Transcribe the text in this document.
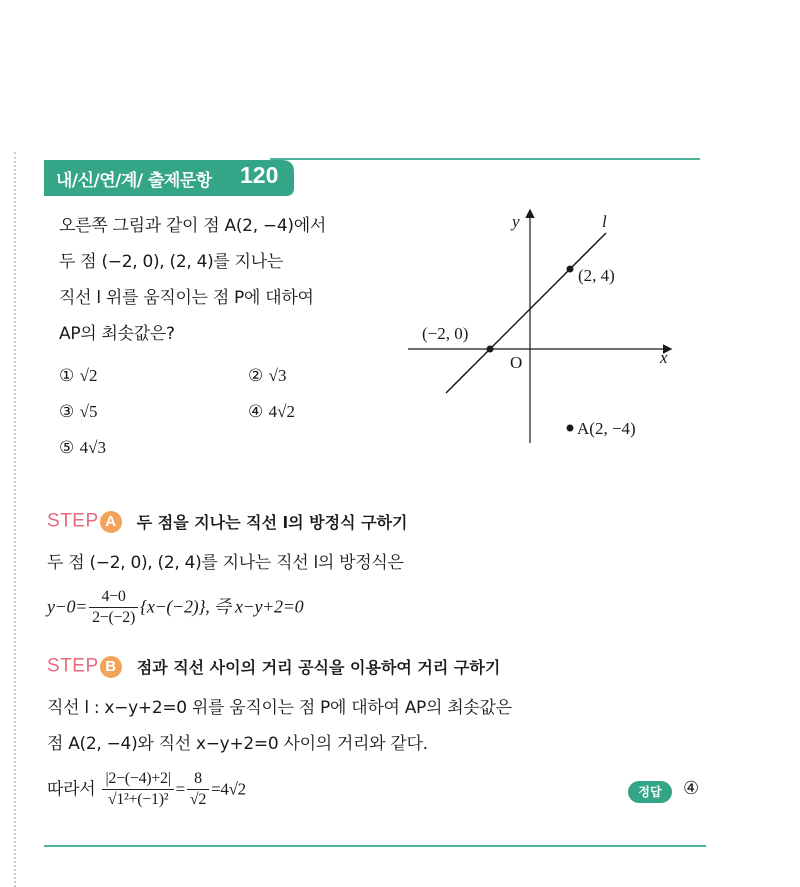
내/신/연/계/ 출제문항 120
오른쪽 그림과 같이 점 A(2, −4)에서
두 점 (−2, 0), (2, 4)를 지나는
직선 l 위를 움직이는 점 P에 대하여
AP의 최솟값은?
① √2	② √3
③ √5	④ 4√2
⑤ 4√3
y
x
l
O
(2, 4)
(−2, 0)
A(2, −4)
STEP A 두 점을 지나는 직선 l의 방정식 구하기
두 점 (−2, 0), (2, 4)를 지나는 직선 l의 방정식은
$y-0= \frac{4-0}{2-(-2)} \{x-(-2)\}$, 즉 x−y+2=0
STEP B 점과 직선 사이의 거리 공식을 이용하여 거리 구하기
직선 l : x−y+2=0 위를 움직이는 점 P에 대하여 AP의 최솟값은
점 A(2, −4)와 직선 x−y+2=0 사이의 거리와 같다.
따라서 $\frac{|2-(-4)+2|}{\text{√1²+(−1)²}} = \frac{8}{√2} =4√2$	정답	④
